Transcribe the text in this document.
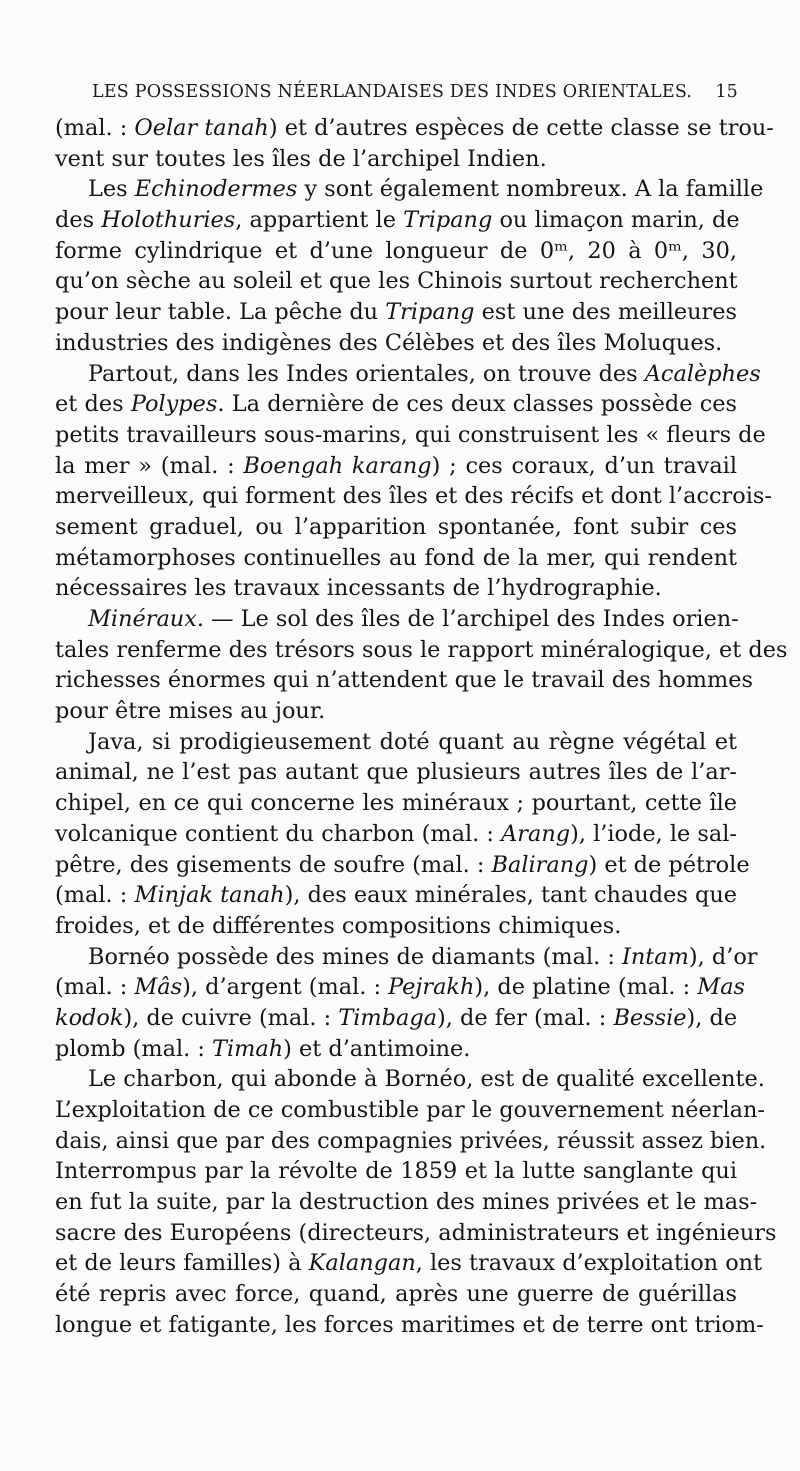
LES POSSESSIONS NÉERLANDAISES DES INDES ORIENTALES. 15
(mal. : Oelar tanah) et d’autres espèces de cette classe se trou-
vent sur toutes les îles de l’archipel Indien.
Les Echinodermes y sont également nombreux. A la famille
des Holothuries, appartient le Tripang ou limaçon marin, de
forme cylindrique et d’une longueur de 0ᵐ, 20 à 0ᵐ, 30,
qu’on sèche au soleil et que les Chinois surtout recherchent
pour leur table. La pêche du Tripang est une des meilleures
industries des indigènes des Célèbes et des îles Moluques.
Partout, dans les Indes orientales, on trouve des Acalèphes
et des Polypes. La dernière de ces deux classes possède ces
petits travailleurs sous-marins, qui construisent les « fleurs de
la mer » (mal. : Boengah karang) ; ces coraux, d’un travail
merveilleux, qui forment des îles et des récifs et dont l’accrois-
sement graduel, ou l’apparition spontanée, font subir ces
métamorphoses continuelles au fond de la mer, qui rendent
nécessaires les travaux incessants de l’hydrographie.
Minéraux. — Le sol des îles de l’archipel des Indes orien-
tales renferme des trésors sous le rapport minéralogique, et des
richesses énormes qui n’attendent que le travail des hommes
pour être mises au jour.
Java, si prodigieusement doté quant au règne végétal et
animal, ne l’est pas autant que plusieurs autres îles de l’ar-
chipel, en ce qui concerne les minéraux ; pourtant, cette île
volcanique contient du charbon (mal. : Arang), l’iode, le sal-
pêtre, des gisements de soufre (mal. : Balirang) et de pétrole
(mal. : Minjak tanah), des eaux minérales, tant chaudes que
froides, et de différentes compositions chimiques.
Bornéo possède des mines de diamants (mal. : Intam), d’or
(mal. : Mâs), d’argent (mal. : Pejrakh), de platine (mal. : Mas
kodok), de cuivre (mal. : Timbaga), de fer (mal. : Bessie), de
plomb (mal. : Timah) et d’antimoine.
Le charbon, qui abonde à Bornéo, est de qualité excellente.
L’exploitation de ce combustible par le gouvernement néerlan-
dais, ainsi que par des compagnies privées, réussit assez bien.
Interrompus par la révolte de 1859 et la lutte sanglante qui
en fut la suite, par la destruction des mines privées et le mas-
sacre des Européens (directeurs, administrateurs et ingénieurs
et de leurs familles) à Kalangan, les travaux d’exploitation ont
été repris avec force, quand, après une guerre de guérillas
longue et fatigante, les forces maritimes et de terre ont triom-
